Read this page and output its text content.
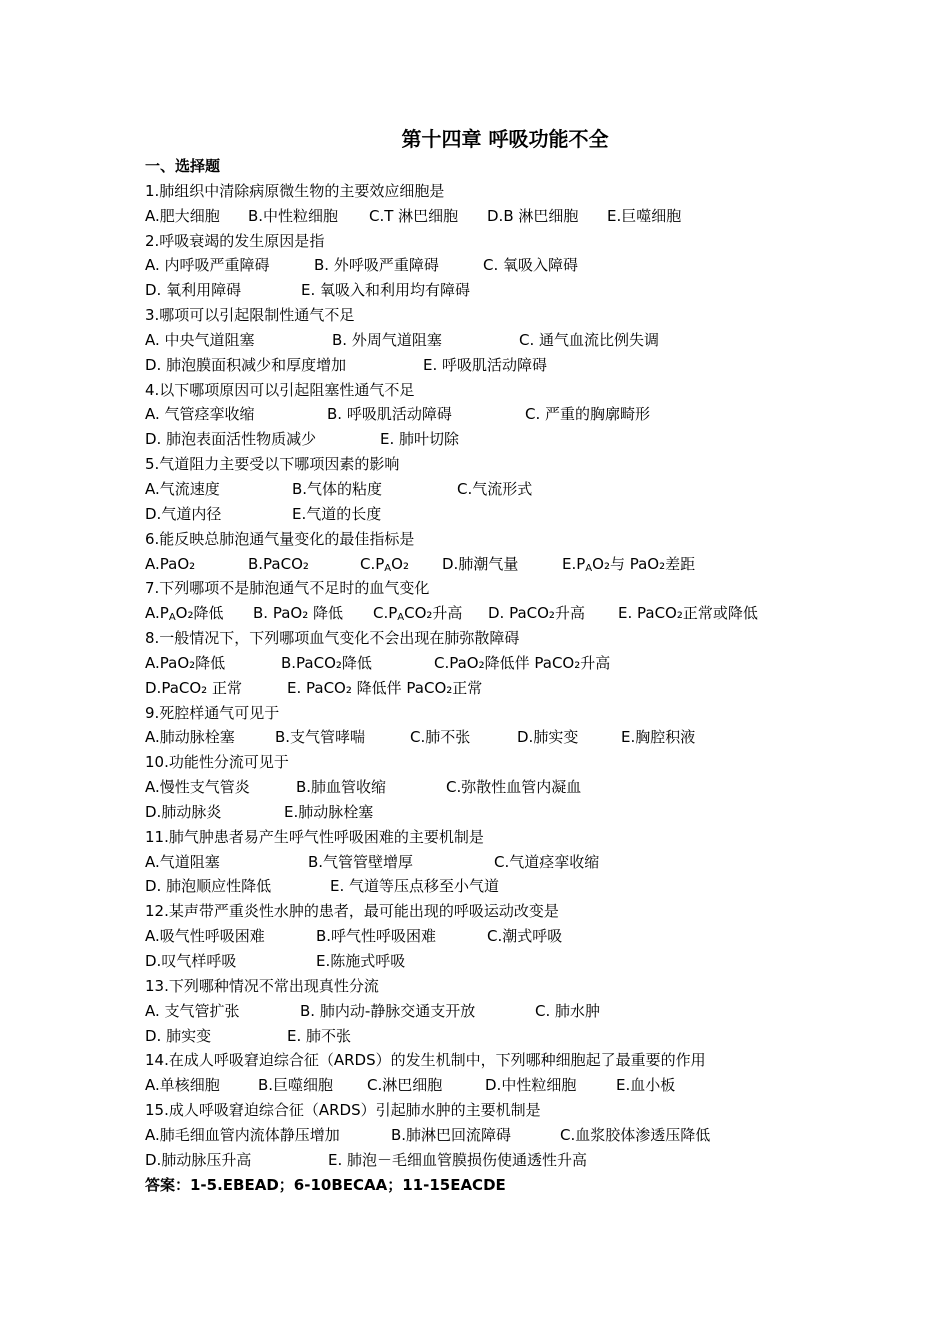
第十四章 呼吸功能不全
一、选择题
1.肺组织中清除病原微生物的主要效应细胞是
A.肥大细胞 B.中性粒细胞 C.T 淋巴细胞 D.B 淋巴细胞 E.巨噬细胞
2.呼吸衰竭的发生原因是指
A. 内呼吸严重障碍	B. 外呼吸严重障碍	C. 氧吸入障碍
D. 氧利用障碍	E. 氧吸入和利用均有障碍
3.哪项可以引起限制性通气不足
A. 中央气道阻塞	B. 外周气道阻塞	C. 通气血流比例失调
D. 肺泡膜面积减少和厚度增加	E. 呼吸肌活动障碍
4.以下哪项原因可以引起阻塞性通气不足
A. 气管痉挛收缩	B. 呼吸肌活动障碍	C. 严重的胸廓畸形
D. 肺泡表面活性物质减少	E. 肺叶切除
5.气道阻力主要受以下哪项因素的影响
A.气流速度	B.气体的粘度	C.气流形式
D.气道内径	E.气道的长度
6.能反映总肺泡通气量变化的最佳指标是
A.PaO₂	B.PaCO₂	$C.P_AO_2$ D.肺潮气量	$E.P_AO_2$与 PaO₂差距
7.下列哪项不是肺泡通气不足时的血气变化
$A.P_AO_2$降低 B. PaO₂ 降低 $C.P_ACO_2$升高 D. PaCO₂升高 E. PaCO₂正常或降低
8.一般情况下，下列哪项血气变化不会出现在肺弥散障碍
A.PaO₂降低	B.PaCO₂降低	C.PaO₂降低伴 PaCO₂升高
D.PaCO₂ 正常	E. PaCO₂ 降低伴 PaCO₂正常
9.死腔样通气可见于
A.肺动脉栓塞	B.支气管哮喘	C.肺不张	D.肺实变	E.胸腔积液
10.功能性分流可见于
A.慢性支气管炎	B.肺血管收缩	C.弥散性血管内凝血
D.肺动脉炎	E.肺动脉栓塞
11.肺气肿患者易产生呼气性呼吸困难的主要机制是
A.气道阻塞	B.气管管壁增厚	C.气道痉挛收缩
D. 肺泡顺应性降低	E. 气道等压点移至小气道
12.某声带严重炎性水肿的患者，最可能出现的呼吸运动改变是
A.吸气性呼吸困难	B.呼气性呼吸困难	C.潮式呼吸
D.叹气样呼吸	E.陈施式呼吸
13.下列哪种情况不常出现真性分流
A. 支气管扩张	B. 肺内动-静脉交通支开放	C. 肺水肿
D. 肺实变	E. 肺不张
14.在成人呼吸窘迫综合征（ARDS）的发生机制中，下列哪种细胞起了最重要的作用
A.单核细胞	B.巨噬细胞 C.淋巴细胞	D.中性粒细胞	E.血小板
15.成人呼吸窘迫综合征（ARDS）引起肺水肿的主要机制是
A.肺毛细血管内流体静压增加	B.肺淋巴回流障碍	C.血浆胶体渗透压降低
D.肺动脉压升高	E. 肺泡－毛细血管膜损伤使通透性升高
答案：1-5.EBEAD；6-10BECAA；11-15EACDE
